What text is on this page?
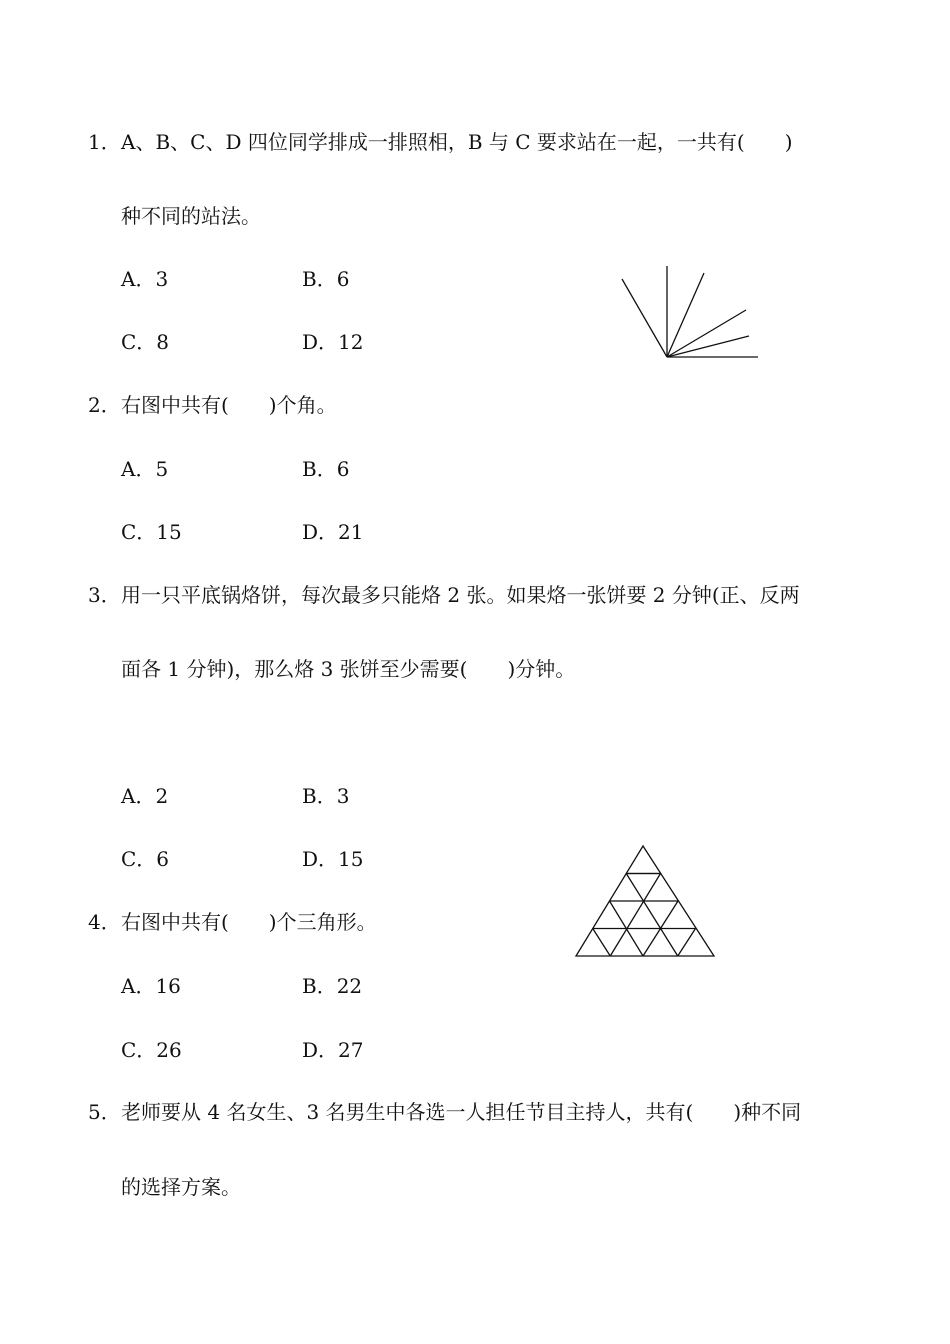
1． A、B、C、D 四位同学排成一排照相，B 与 C 要求站在一起，一共有(　　)
种不同的站法。
A．3	B．6
C．8	D．12
2． 右图中共有(　　)个角。
A．5	B．6
C．15	D．21
3． 用一只平底锅烙饼，每次最多只能烙 2 张。如果烙一张饼要 2 分钟(正、反两
面各 1 分钟)，那么烙 3 张饼至少需要(　　)分钟。
A．2	B．3
C．6	D．15
4． 右图中共有(　　)个三角形。
A．16	B．22
C．26	D．27
5． 老师要从 4 名女生、3 名男生中各选一人担任节目主持人，共有(　　)种不同
的选择方案。
